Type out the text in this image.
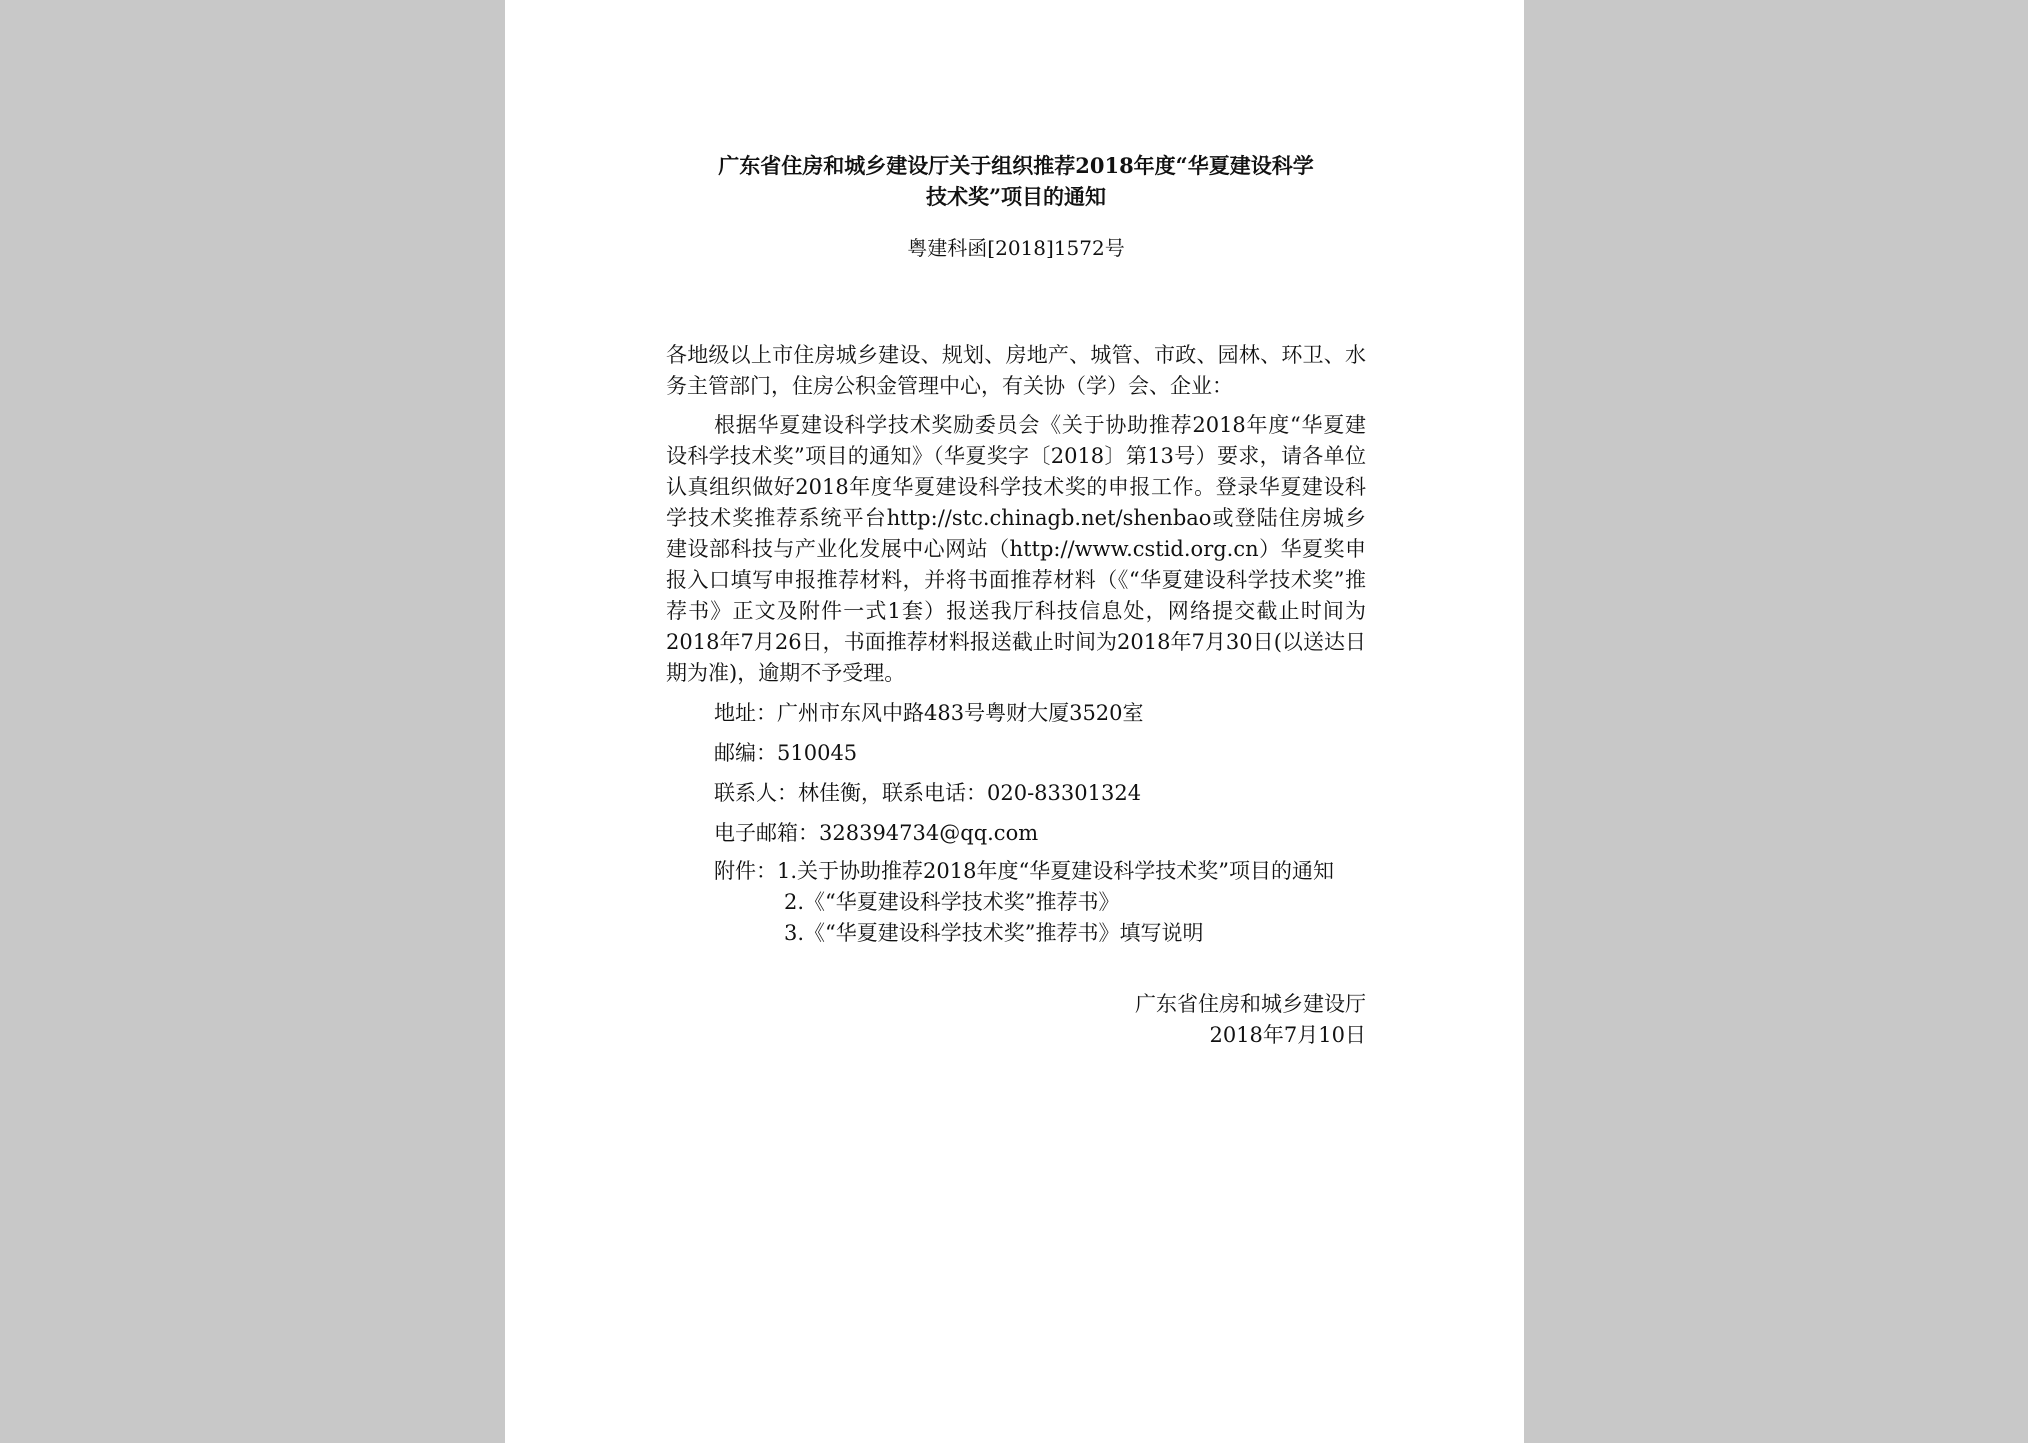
广东省住房和城乡建设厅关于组织推荐2018年度“华夏建设科学
技术奖”项目的通知
粤建科函[2018]1572号
各地级以上市住房城乡建设、规划、房地产、城管、市政、园林、环卫、水务主管部门，住房公积金管理中心，有关协（学）会、企业：
根据华夏建设科学技术奖励委员会《关于协助推荐2018年度“华夏建设科学技术奖”项目的通知》（华夏奖字〔2018〕第13号）要求，请各单位认真组织做好2018年度华夏建设科学技术奖的申报工作。登录华夏建设科学技术奖推荐系统平台http://stc.chinagb.net/shenbao或登陆住房城乡建设部科技与产业化发展中心网站（http://www.cstid.org.cn）华夏奖申报入口填写申报推荐材料，并将书面推荐材料（《“华夏建设科学技术奖”推荐书》正文及附件一式1套）报送我厅科技信息处，网络提交截止时间为2018年7月26日，书面推荐材料报送截止时间为2018年7月30日(以送达日期为准)，逾期不予受理。
地址：广州市东风中路483号粤财大厦3520室
邮编：510045
联系人：林佳衡，联系电话：020-83301324
电子邮箱：328394734@qq.com
附件：1.关于协助推荐2018年度“华夏建设科学技术奖”项目的通知
2.《“华夏建设科学技术奖”推荐书》
3.《“华夏建设科学技术奖”推荐书》填写说明
广东省住房和城乡建设厅
2018年7月10日
